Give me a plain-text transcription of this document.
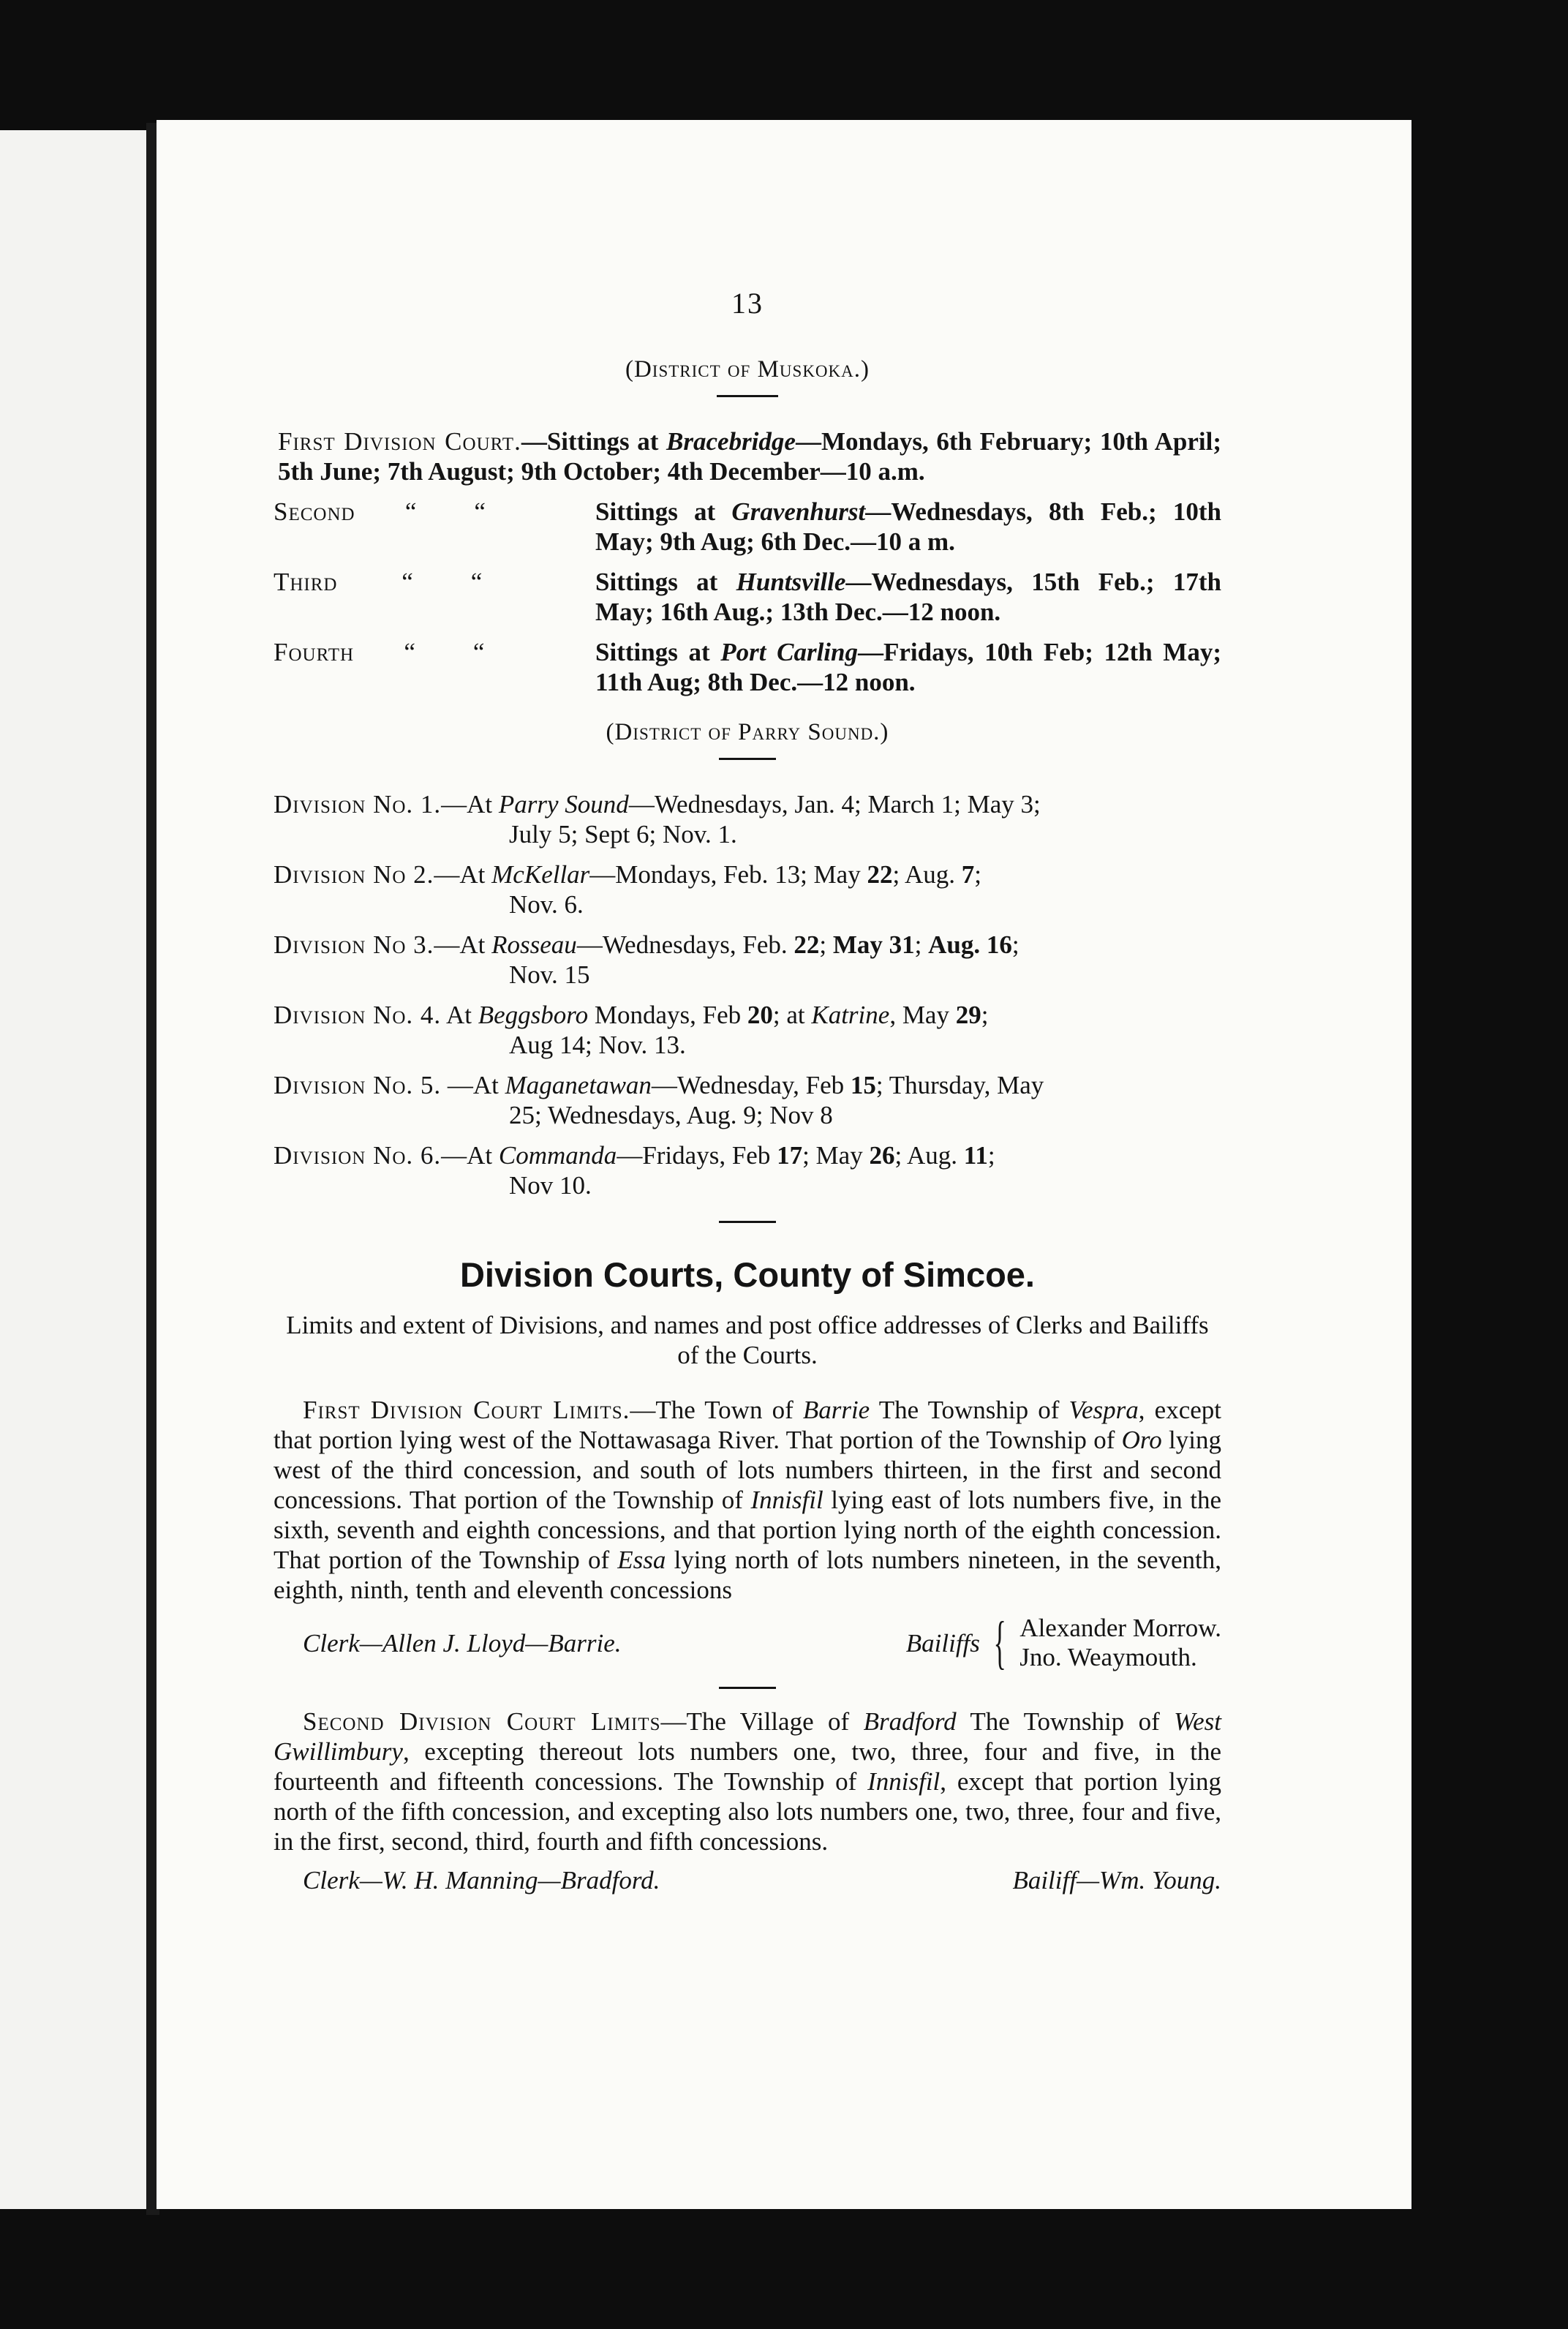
13
(District of Muskoka.)
First Division Court.—Sittings at Bracebridge—Mondays, 6th February; 10th April; 5th June; 7th August; 9th October; 4th December—10 a.m.
Second       “        “	Sittings at Gravenhurst—Wednesdays, 8th Feb.; 10th May; 9th Aug; 6th Dec.—10 a m.
Third         “        “	Sittings at Huntsville—Wednesdays, 15th Feb.; 17th May; 16th Aug.; 13th Dec.—12 noon.
Fourth       “        “	Sittings at Port Carling—Fridays, 10th Feb; 12th May; 11th Aug; 8th Dec.—12 noon.
(District of Parry Sound.)
Division No. 1.—At Parry Sound—Wednesdays, Jan. 4; March 1; May 3;
July 5; Sept 6; Nov. 1.
Division No 2.—At McKellar—Mondays, Feb. 13; May 22; Aug. 7;
Nov. 6.
Division No 3.—At Rosseau—Wednesdays, Feb. 22; May 31; Aug. 16;
Nov. 15
Division No. 4. At Beggsboro Mondays, Feb 20; at Katrine, May 29;
Aug 14; Nov. 13.
Division No. 5. —At Maganetawan—Wednesday, Feb 15; Thursday, May
25; Wednesdays, Aug. 9; Nov 8
Division No. 6.—At Commanda—Fridays, Feb 17; May 26; Aug. 11;
Nov 10.
Division Courts, County of Simcoe.
Limits and extent of Divisions, and names and post office addresses of Clerks and Bailiffs of the Courts.
First Division Court Limits.—The Town of Barrie The Township of Vespra, except that portion lying west of the Nottawasaga River. That portion of the Township of Oro lying west of the third concession, and south of lots numbers thirteen, in the first and second concessions. That portion of the Township of Innisfil lying east of lots numbers five, in the sixth, seventh and eighth concessions, and that portion lying north of the eighth concession. That portion of the Township of Essa lying north of lots numbers nineteen, in the seventh, eighth, ninth, tenth and eleventh concessions
Clerk—Allen J. Lloyd—Barrie.	Bailiffs { Alexander Morrow.
Jno. Weaymouth.
Second Division Court Limits—The Village of Bradford The Township of West Gwillimbury, excepting thereout lots numbers one, two, three, four and five, in the fourteenth and fifteenth concessions. The Township of Innisfil, except that portion lying north of the fifth concession, and excepting also lots numbers one, two, three, four and five, in the first, second, third, fourth and fifth concessions.
Clerk—W. H. Manning—Bradford.	Bailiff—Wm. Young.
